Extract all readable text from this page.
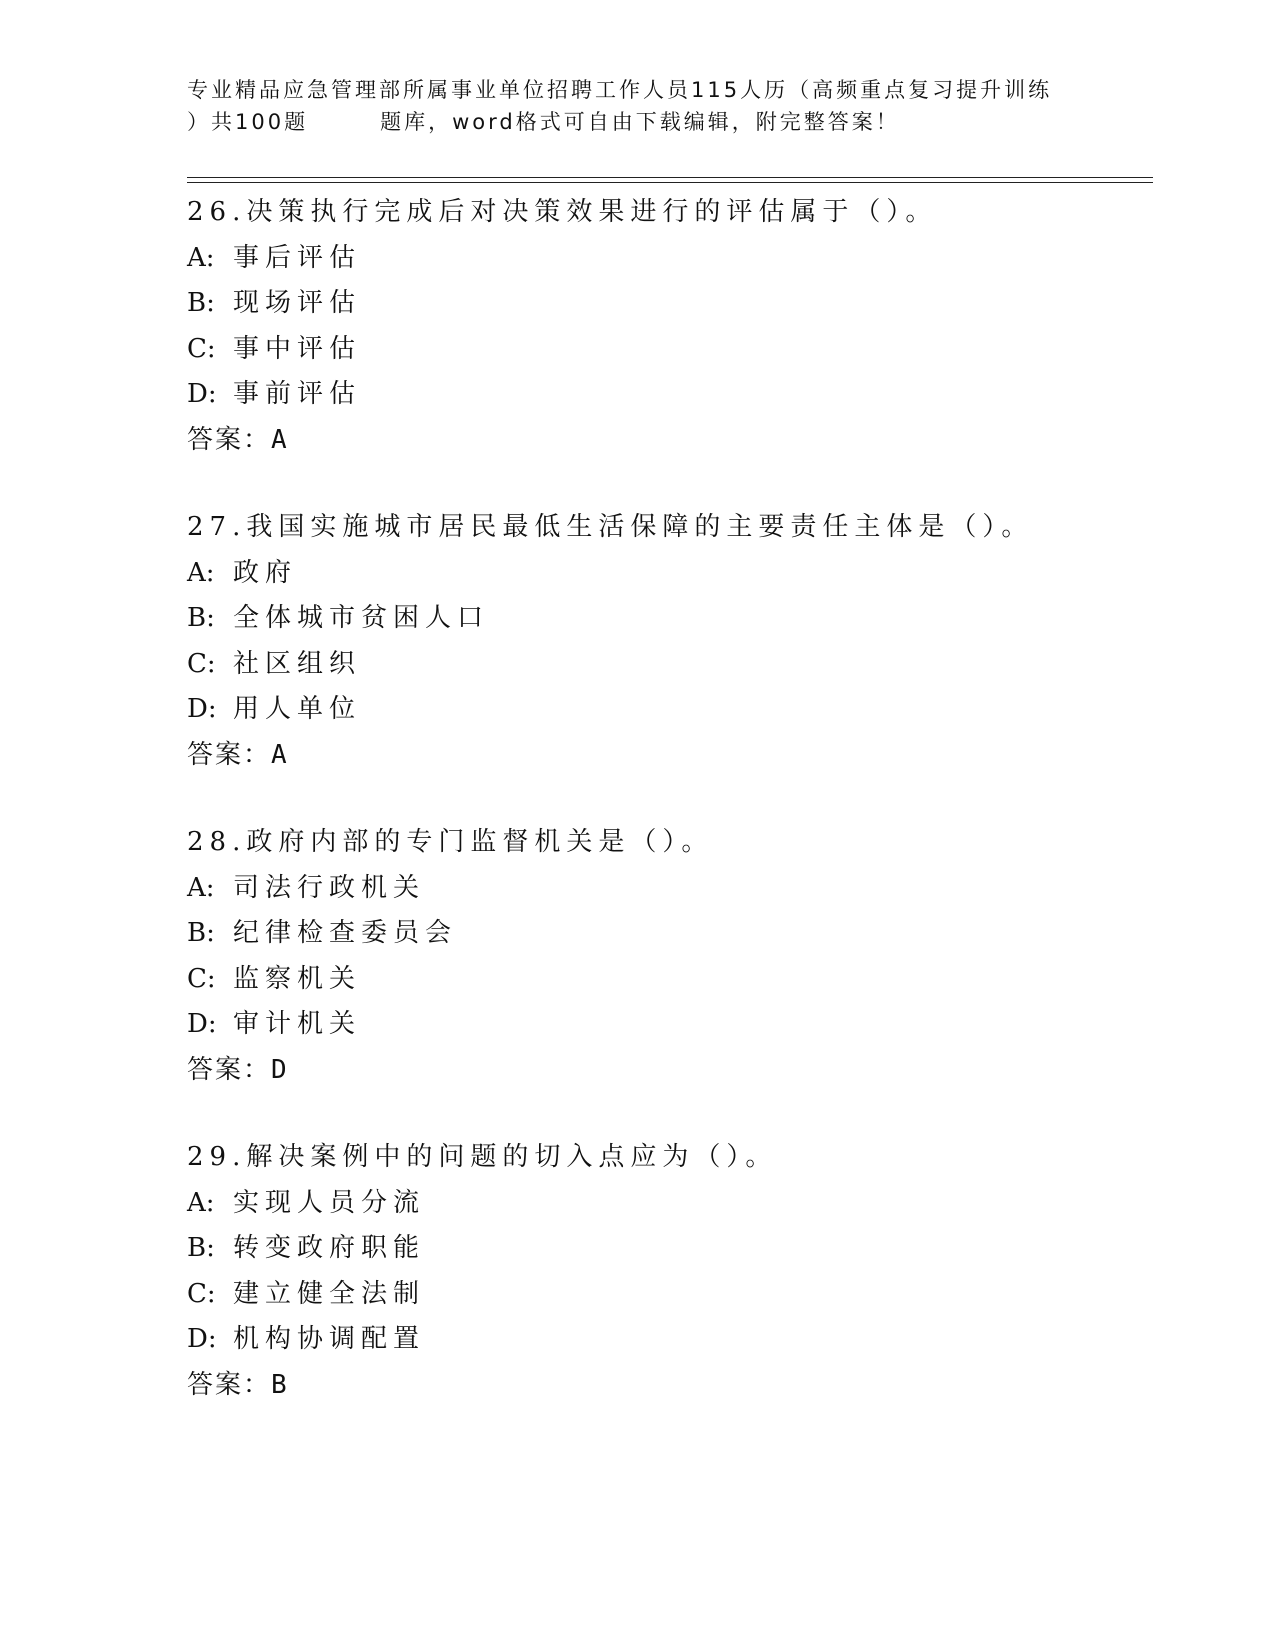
专业精品应急管理部所属事业单位招聘工作人员115人历（高频重点复习提升训练
）共100题	题库，word格式可自由下载编辑，附完整答案！
26.决策执行完成后对决策效果进行的评估属于（）。
A: 事后评估
B: 现场评估
C: 事中评估
D: 事前评估
答案：A
27.我国实施城市居民最低生活保障的主要责任主体是（）。
A: 政府
B: 全体城市贫困人口
C: 社区组织
D: 用人单位
答案：A
28.政府内部的专门监督机关是（）。
A: 司法行政机关
B: 纪律检查委员会
C: 监察机关
D: 审计机关
答案：D
29.解决案例中的问题的切入点应为（）。
A: 实现人员分流
B: 转变政府职能
C: 建立健全法制
D: 机构协调配置
答案：B
